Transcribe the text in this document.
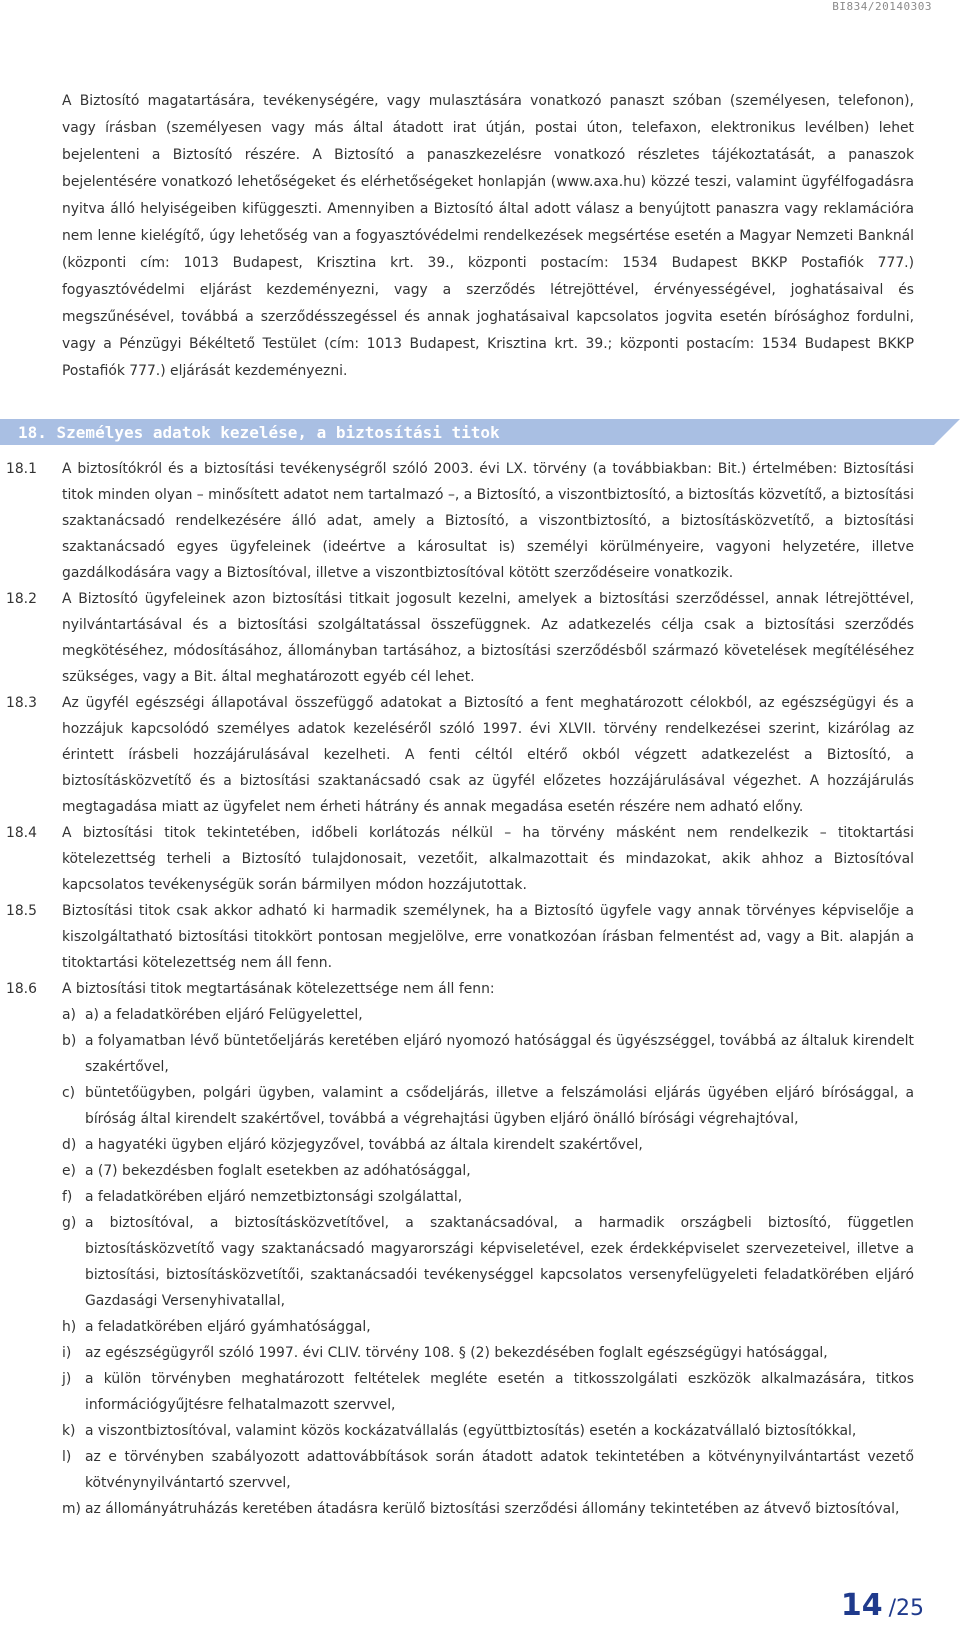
BI834/20140303

A Biztosító magatartására, tevékenységére, vagy mulasztására vonatkozó panaszt szóban (személyesen, telefonon), vagy írásban (személyesen vagy más által átadott irat útján, postai úton, telefaxon, elektronikus levélben) lehet bejelenteni a Biztosító részére. A Biztosító a panaszkezelésre vonatkozó részletes tájékoztatását, a panaszok bejelentésére vonatkozó lehetőségeket és elérhetőségeket honlapján (www.axa.hu) közzé teszi, valamint ügyfélfogadásra nyitva álló helyiségeiben kifüggeszti. Amennyiben a Biztosító által adott válasz a benyújtott panaszra vagy reklamációra nem lenne kielégítő, úgy lehetőség van a fogyasztóvédelmi rendelkezések megsértése esetén a Magyar Nemzeti Banknál (központi cím: 1013 Budapest, Krisztina krt. 39., központi postacím: 1534 Budapest BKKP Postafiók 777.) fogyasztóvédelmi eljárást kezdeményezni, vagy a szerződés létrejöttével, érvényességével, joghatásaival és megszűnésével, továbbá a szerződésszegéssel és annak joghatásaival kapcsolatos jogvita esetén bírósághoz fordulni, vagy a Pénzügyi Békéltető Testület (cím: 1013 Budapest, Krisztina krt. 39.; központi postacím: 1534 Budapest BKKP Postafiók 777.) eljárását kezdeményezni.

18. Személyes adatok kezelése, a biztosítási titok
18.1	A biztosítókról és a biztosítási tevékenységről szóló 2003. évi LX. törvény (a továbbiakban: Bit.) értelmében: Biztosítási titok minden olyan – minősített adatot nem tartalmazó –, a Biztosító, a viszontbiztosító, a biztosítás közvetítő, a biztosítási szaktanácsadó rendelkezésére álló adat, amely a Biztosító, a viszontbiztosító, a biztosításközvetítő, a biztosítási szaktanácsadó egyes ügyfeleinek (ideértve a károsultat is) személyi körülményeire, vagyoni helyzetére, illetve gazdálkodására vagy a Biztosítóval, illetve a viszontbiztosítóval kötött szerződéseire vonatkozik.
18.2	A Biztosító ügyfeleinek azon biztosítási titkait jogosult kezelni, amelyek a biztosítási szerződéssel, annak létrejöttével, nyilvántartásával és a biztosítási szolgáltatással összefüggnek. Az adatkezelés célja csak a biztosítási szerződés megkötéséhez, módosításához, állományban tartásához, a biztosítási szerződésből származó követelések megítéléséhez szükséges, vagy a Bit. által meghatározott egyéb cél lehet.
18.3	Az ügyfél egészségi állapotával összefüggő adatokat a Biztosító a fent meghatározott célokból, az egészségügyi és a hozzájuk kapcsolódó személyes adatok kezeléséről szóló 1997. évi XLVII. törvény rendelkezései szerint, kizárólag az érintett írásbeli hozzájárulásával kezelheti. A fenti céltól eltérő okból végzett adatkezelést a Biztosító, a biztosításközvetítő és a biztosítási szaktanácsadó csak az ügyfél előzetes hozzájárulásával végezhet. A hozzájárulás megtagadása miatt az ügyfelet nem érheti hátrány és annak megadása esetén részére nem adható előny.
18.4	A biztosítási titok tekintetében, időbeli korlátozás nélkül – ha törvény másként nem rendelkezik – titoktartási kötelezettség terheli a Biztosító tulajdonosait, vezetőit, alkalmazottait és mindazokat, akik ahhoz a Biztosítóval kapcsolatos tevékenységük során bármilyen módon hozzájutottak.
18.5	Biztosítási titok csak akkor adható ki harmadik személynek, ha a Biztosító ügyfele vagy annak törvényes képviselője a kiszolgáltatható biztosítási titokkört pontosan megjelölve, erre vonatkozóan írásban felmentést ad, vagy a Bit. alapján a titoktartási kötelezettség nem áll fenn.
18.6	A biztosítási titok megtartásának kötelezettsége nem áll fenn:
a) a) a feladatkörében eljáró Felügyelettel,
b) a folyamatban lévő büntetőeljárás keretében eljáró nyomozó hatósággal és ügyészséggel, továbbá az általuk kirendelt szakértővel,
c) büntetőügyben, polgári ügyben, valamint a csődeljárás, illetve a felszámolási eljárás ügyében eljáró bírósággal, a bíróság által kirendelt szakértővel, továbbá a végrehajtási ügyben eljáró önálló bírósági végrehajtóval,
d) a hagyatéki ügyben eljáró közjegyzővel, továbbá az általa kirendelt szakértővel,
e) a (7) bekezdésben foglalt esetekben az adóhatósággal,
f) a feladatkörében eljáró nemzetbiztonsági szolgálattal,
g) a biztosítóval, a biztosításközvetítővel, a szaktanácsadóval, a harmadik országbeli biztosító, független biztosításközvetítő vagy szaktanácsadó magyarországi képviseletével, ezek érdekképviselet szervezeteivel, illetve a biztosítási, biztosításközvetítői, szaktanácsadói tevékenységgel kapcsolatos versenyfelügyeleti feladatkörében eljáró Gazdasági Versenyhivatallal,
h) a feladatkörében eljáró gyámhatósággal,
i) az egészségügyről szóló 1997. évi CLIV. törvény 108. § (2) bekezdésében foglalt egészségügyi hatósággal,
j) a külön törvényben meghatározott feltételek megléte esetén a titkosszolgálati eszközök alkalmazására, titkos információgyűjtésre felhatalmazott szervvel,
k) a viszontbiztosítóval, valamint közös kockázatvállalás (együttbiztosítás) esetén a kockázatvállaló biztosítókkal,
l) az e törvényben szabályozott adattovábbítások során átadott adatok tekintetében a kötvénynyilvántartást vezető kötvénynyilvántartó szervvel,
m) az állományátruházás keretében átadásra kerülő biztosítási szerződési állomány tekintetében az átvevő biztosítóval,
14 /25
